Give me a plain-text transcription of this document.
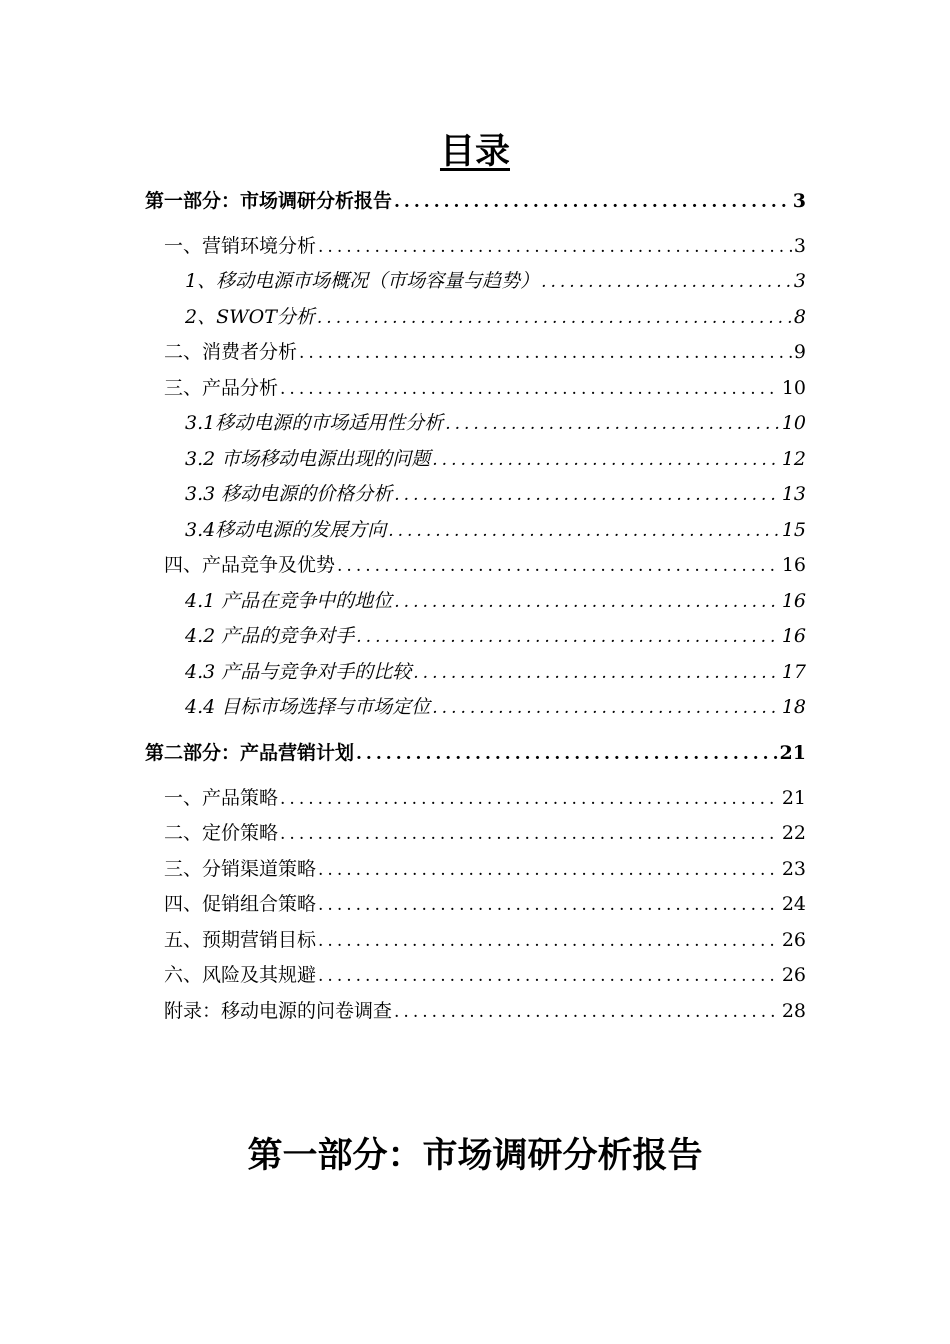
目录
第一部分：市场调研分析报告 .....	3
一、营销环境分析 .....	3
1、移动电源市场概况（市场容量与趋势） .....	3
2、SWOT分析 .....	8
二、消费者分析 .....	9
三、产品分析 .....	10
3.1移动电源的市场适用性分析 .....	10
3.2 市场移动电源出现的问题 .....	12
3.3 移动电源的价格分析 .....	13
3.4移动电源的发展方向 .....	15
四、产品竞争及优势 .....	16
4.1 产品在竞争中的地位 .....	16
4.2 产品的竞争对手 .....	16
4.3 产品与竞争对手的比较 .....	17
4.4 目标市场选择与市场定位 .....	18
第二部分：产品营销计划 .....	21
一、产品策略 .....	21
二、定价策略 .....	22
三、分销渠道策略 .....	23
四、促销组合策略 .....	24
五、预期营销目标 .....	26
六、风险及其规避 .....	26
附录：移动电源的问卷调查 .....	28
第一部分：市场调研分析报告
